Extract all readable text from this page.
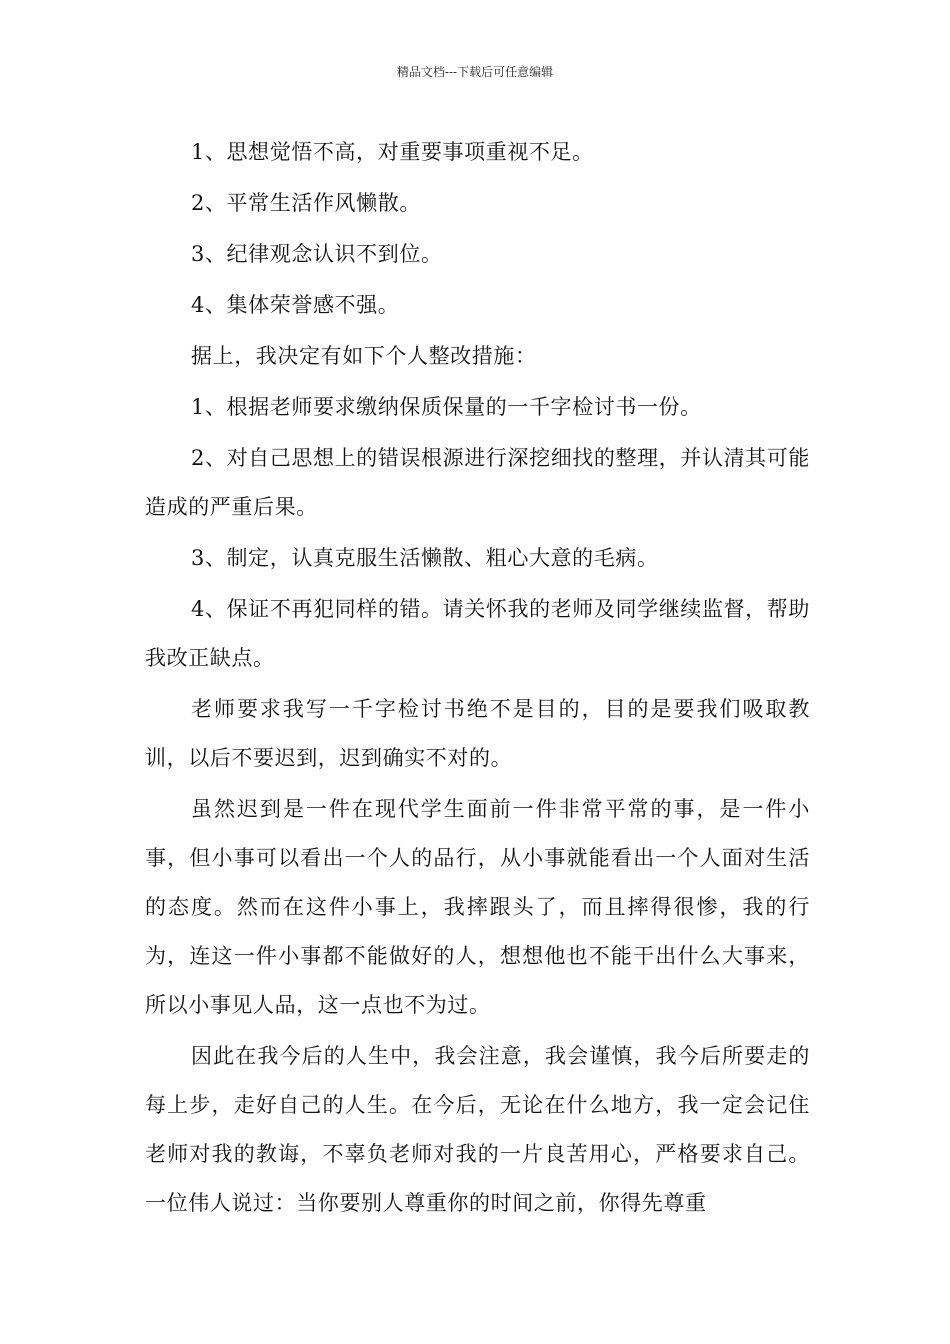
精品文档---下载后可任意编辑

1、思想觉悟不高，对重要事项重视不足。

2、平常生活作风懒散。

3、纪律观念认识不到位。

4、集体荣誉感不强。

据上，我决定有如下个人整改措施：

1、根据老师要求缴纳保质保量的一千字检讨书一份。

2、对自己思想上的错误根源进行深挖细找的整理，并认清其可能造成的严重后果。

3、制定，认真克服生活懒散、粗心大意的毛病。

4、保证不再犯同样的错。请关怀我的老师及同学继续监督，帮助我改正缺点。

老师要求我写一千字检讨书绝不是目的，目的是要我们吸取教训，以后不要迟到，迟到确实不对的。

虽然迟到是一件在现代学生面前一件非常平常的事，是一件小事，但小事可以看出一个人的品行，从小事就能看出一个人面对生活的态度。然而在这件小事上，我摔跟头了，而且摔得很惨，我的行为，连这一件小事都不能做好的人，想想他也不能干出什么大事来，所以小事见人品，这一点也不为过。

因此在我今后的人生中，我会注意，我会谨慎，我今后所要走的每上步，走好自己的人生。在今后，无论在什么地方，我一定会记住老师对我的教诲，不辜负老师对我的一片良苦用心，严格要求自己。 一位伟人说过：当你要别人尊重你的时间之前，你得先尊重
